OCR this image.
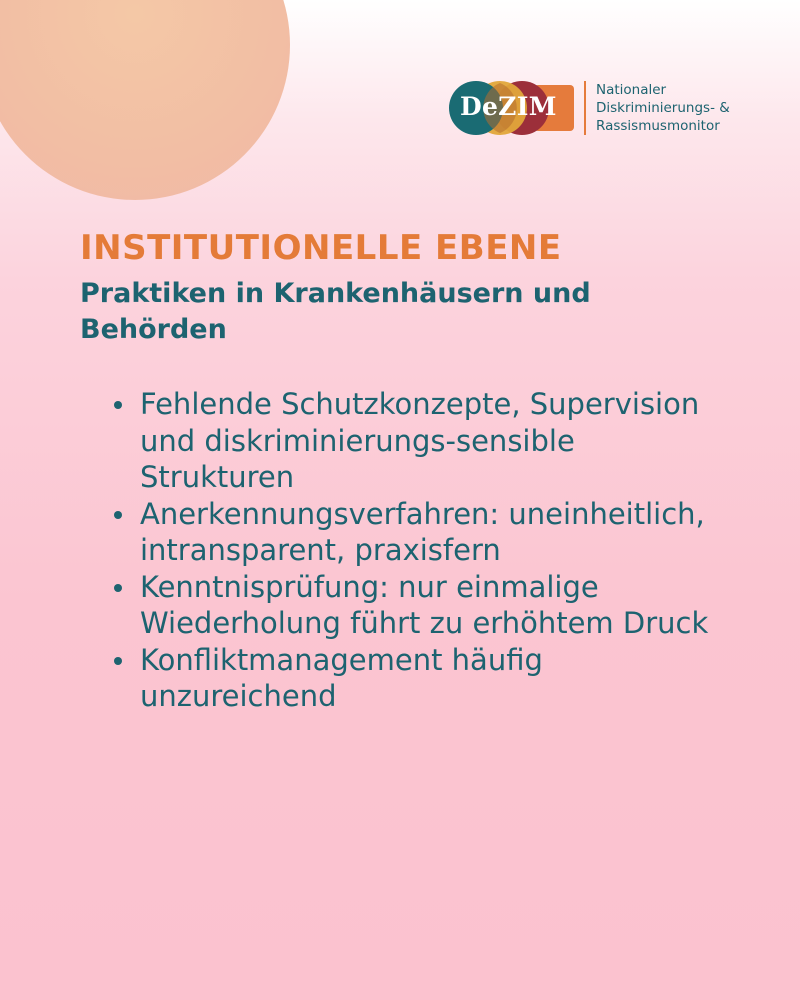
DeZIM
Nationaler
Diskriminierungs- &
Rassismusmonitor
INSTITUTIONELLE EBENE
Praktiken in Krankenhäusern und Behörden
Fehlende Schutzkonzepte, Supervision und diskriminierungs-sensible Strukturen
Anerkennungsverfahren: uneinheitlich, intransparent, praxisfern
Kenntnisprüfung: nur einmalige Wiederholung führt zu erhöhtem Druck
Konfliktmanagement häufig unzureichend
